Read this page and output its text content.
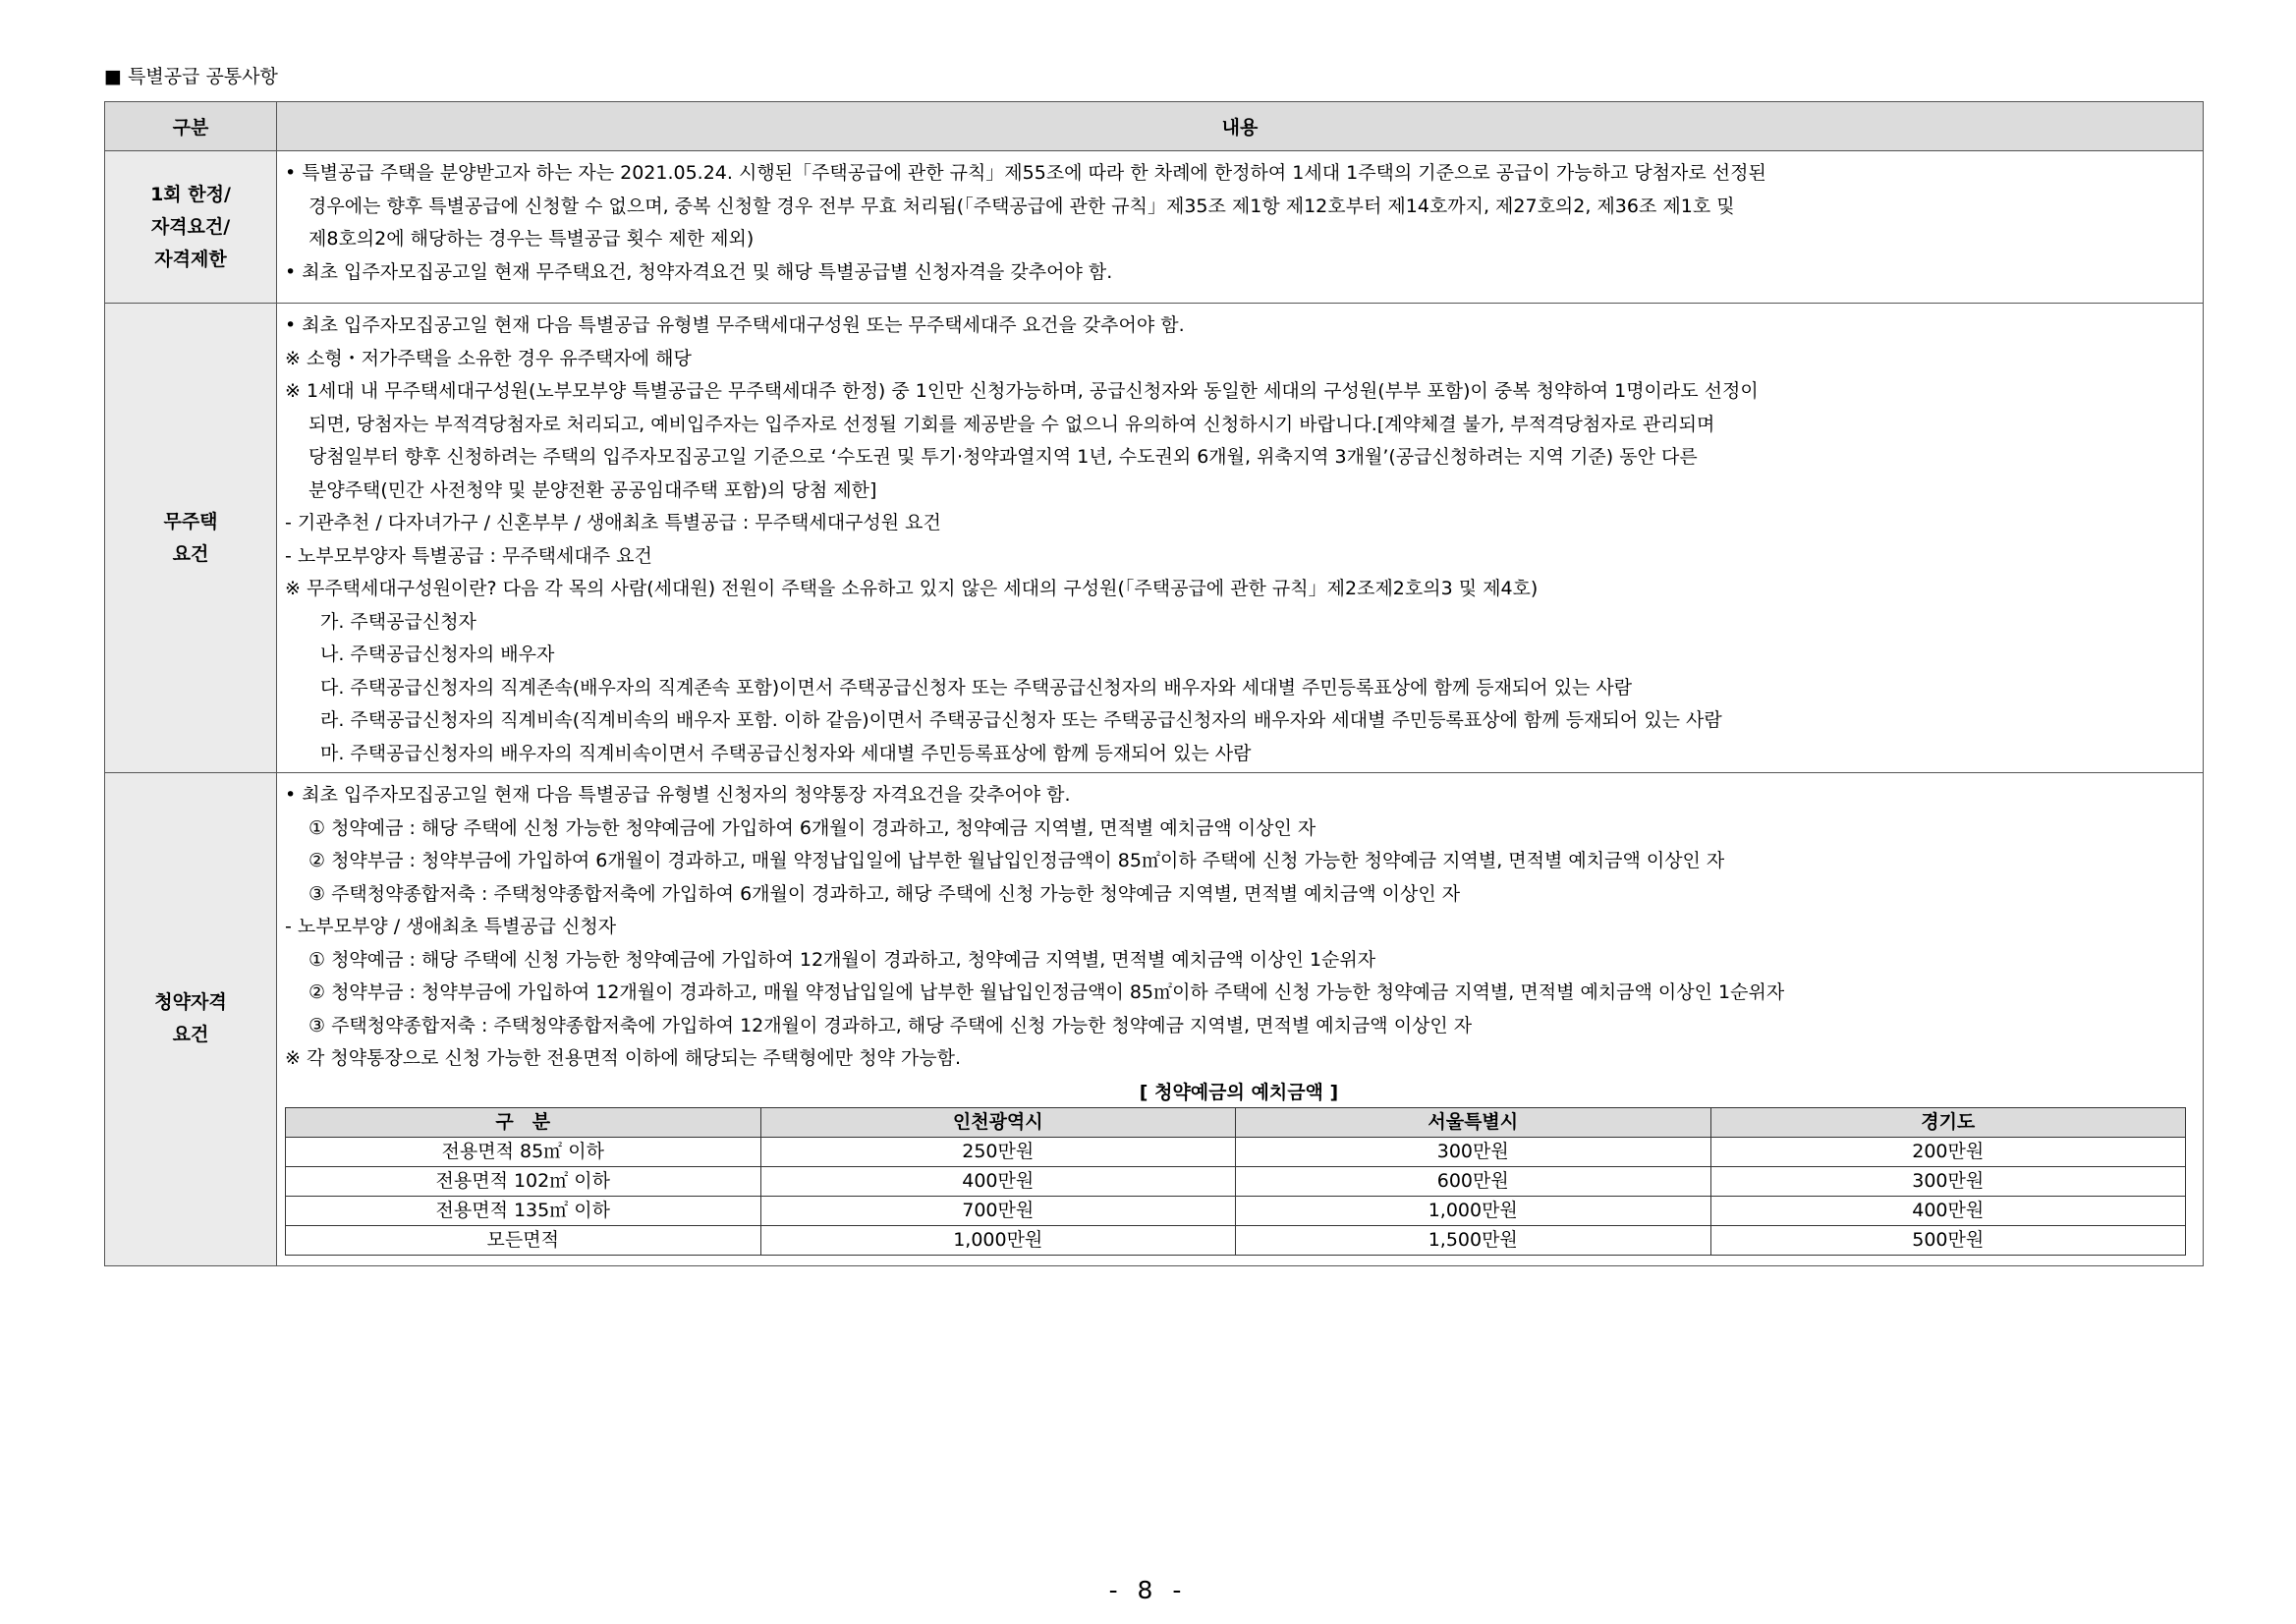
■ 특별공급 공통사항
구분	내용

1회 한정/
자격요건/
자격제한

• 특별공급 주택을 분양받고자 하는 자는 2021.05.24. 시행된「주택공급에 관한 규칙」제55조에 따라 한 차례에 한정하여 1세대 1주택의 기준으로 공급이 가능하고 당첨자로 선정된
경우에는 향후 특별공급에 신청할 수 없으며, 중복 신청할 경우 전부 무효 처리됨(「주택공급에 관한 규칙」제35조 제1항 제12호부터 제14호까지, 제27호의2, 제36조 제1호 및
제8호의2에 해당하는 경우는 특별공급 횟수 제한 제외)
• 최초 입주자모집공고일 현재 무주택요건, 청약자격요건 및 해당 특별공급별 신청자격을 갖추어야 함.

무주택
요건

• 최초 입주자모집공고일 현재 다음 특별공급 유형별 무주택세대구성원 또는 무주택세대주 요건을 갖추어야 함.
※ 소형・저가주택을 소유한 경우 유주택자에 해당
※ 1세대 내 무주택세대구성원(노부모부양 특별공급은 무주택세대주 한정) 중 1인만 신청가능하며, 공급신청자와 동일한 세대의 구성원(부부 포함)이 중복 청약하여 1명이라도 선정이
되면, 당첨자는 부적격당첨자로 처리되고, 예비입주자는 입주자로 선정될 기회를 제공받을 수 없으니 유의하여 신청하시기 바랍니다.[계약체결 불가, 부적격당첨자로 관리되며
당첨일부터 향후 신청하려는 주택의 입주자모집공고일 기준으로 ‘수도권 및 투기·청약과열지역 1년, 수도권외 6개월, 위축지역 3개월’(공급신청하려는 지역 기준) 동안 다른
분양주택(민간 사전청약 및 분양전환 공공임대주택 포함)의 당첨 제한]
- 기관추천 / 다자녀가구 / 신혼부부 / 생애최초 특별공급 : 무주택세대구성원 요건
- 노부모부양자 특별공급 : 무주택세대주 요건
※ 무주택세대구성원이란? 다음 각 목의 사람(세대원) 전원이 주택을 소유하고 있지 않은 세대의 구성원(「주택공급에 관한 규칙」제2조제2호의3 및 제4호)
가. 주택공급신청자
나. 주택공급신청자의 배우자
다. 주택공급신청자의 직계존속(배우자의 직계존속 포함)이면서 주택공급신청자 또는 주택공급신청자의 배우자와 세대별 주민등록표상에 함께 등재되어 있는 사람
라. 주택공급신청자의 직계비속(직계비속의 배우자 포함. 이하 같음)이면서 주택공급신청자 또는 주택공급신청자의 배우자와 세대별 주민등록표상에 함께 등재되어 있는 사람
마. 주택공급신청자의 배우자의 직계비속이면서 주택공급신청자와 세대별 주민등록표상에 함께 등재되어 있는 사람

청약자격
요건

• 최초 입주자모집공고일 현재 다음 특별공급 유형별 신청자의 청약통장 자격요건을 갖추어야 함.
① 청약예금 : 해당 주택에 신청 가능한 청약예금에 가입하여 6개월이 경과하고, 청약예금 지역별, 면적별 예치금액 이상인 자
② 청약부금 : 청약부금에 가입하여 6개월이 경과하고, 매월 약정납입일에 납부한 월납입인정금액이 85㎡이하 주택에 신청 가능한 청약예금 지역별, 면적별 예치금액 이상인 자
③ 주택청약종합저축 : 주택청약종합저축에 가입하여 6개월이 경과하고, 해당 주택에 신청 가능한 청약예금 지역별, 면적별 예치금액 이상인 자
- 노부모부양 / 생애최초 특별공급 신청자
① 청약예금 : 해당 주택에 신청 가능한 청약예금에 가입하여 12개월이 경과하고, 청약예금 지역별, 면적별 예치금액 이상인 1순위자
② 청약부금 : 청약부금에 가입하여 12개월이 경과하고, 매월 약정납입일에 납부한 월납입인정금액이 85㎡이하 주택에 신청 가능한 청약예금 지역별, 면적별 예치금액 이상인 1순위자
③ 주택청약종합저축 : 주택청약종합저축에 가입하여 12개월이 경과하고, 해당 주택에 신청 가능한 청약예금 지역별, 면적별 예치금액 이상인 자
※ 각 청약통장으로 신청 가능한 전용면적 이하에 해당되는 주택형에만 청약 가능함.
[ 청약예금의 예치금액 ]
구　분	인천광역시	서울특별시	경기도
전용면적 85㎡ 이하	250만원	300만원	200만원
전용면적 102㎡ 이하	400만원	600만원	300만원
전용면적 135㎡ 이하	700만원	1,000만원	400만원
모든면적	1,000만원	1,500만원	500만원
- 8 -
